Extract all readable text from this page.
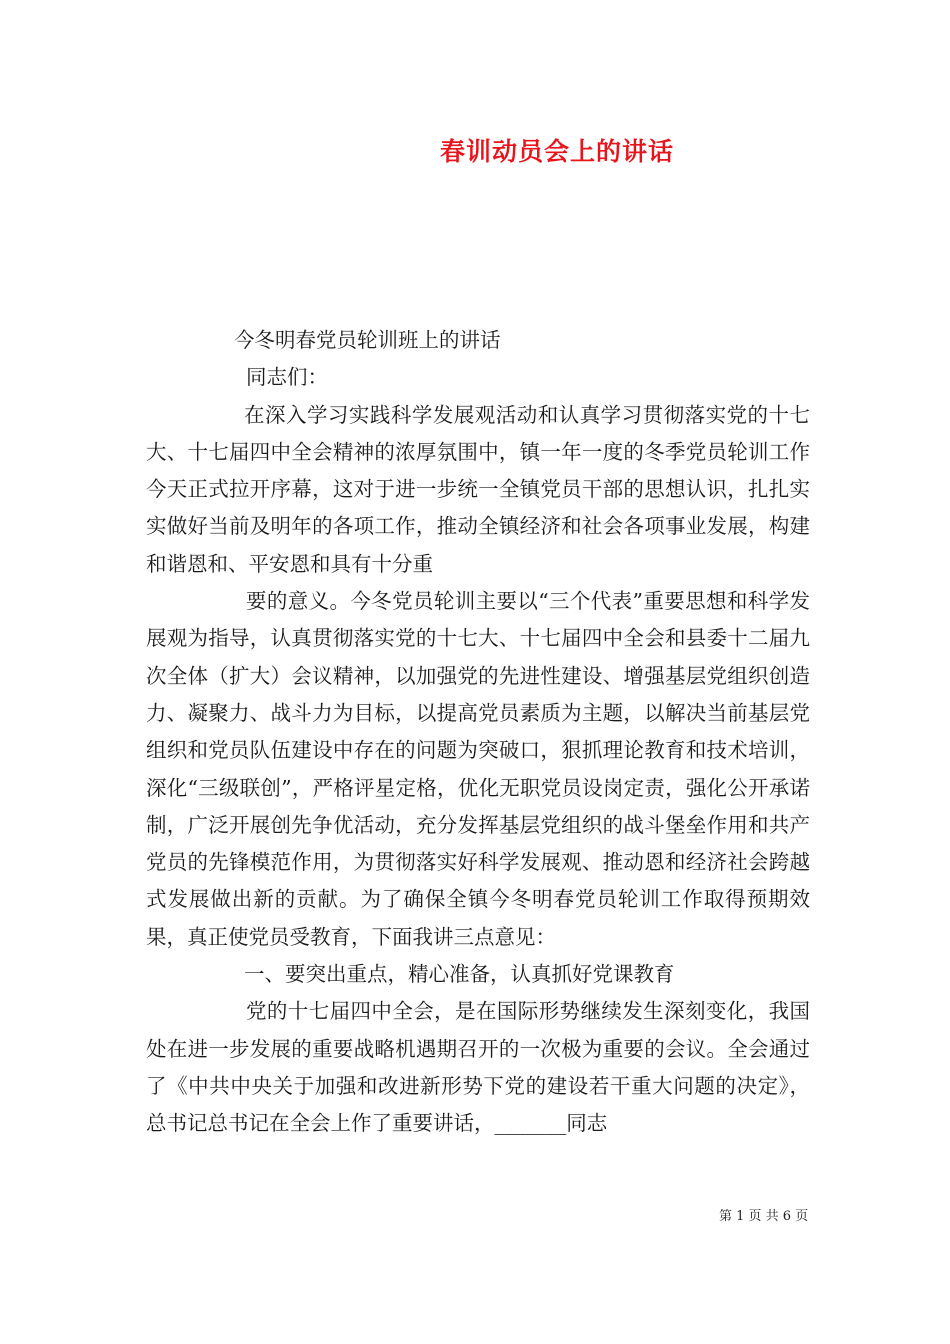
春训动员会上的讲话

今冬明春党员轮训班上的讲话

同志们：

在深入学习实践科学发展观活动和认真学习贯彻落实党的十七大、十七届四中全会精神的浓厚氛围中，镇一年一度的冬季党员轮训工作今天正式拉开序幕，这对于进一步统一全镇党员干部的思想认识，扎扎实实做好当前及明年的各项工作，推动全镇经济和社会各项事业发展，构建和谐恩和、平安恩和具有十分重

要的意义。今冬党员轮训主要以“三个代表”重要思想和科学发展观为指导，认真贯彻落实党的十七大、十七届四中全会和县委十二届九次全体（扩大）会议精神，以加强党的先进性建设、增强基层党组织创造力、凝聚力、战斗力为目标，以提高党员素质为主题，以解决当前基层党组织和党员队伍建设中存在的问题为突破口，狠抓理论教育和技术培训，深化“三级联创”，严格评星定格，优化无职党员设岗定责，强化公开承诺制，广泛开展创先争优活动，充分发挥基层党组织的战斗堡垒作用和共产党员的先锋模范作用，为贯彻落实好科学发展观、推动恩和经济社会跨越式发展做出新的贡献。为了确保全镇今冬明春党员轮训工作取得预期效果，真正使党员受教育，下面我讲三点意见：

一、要突出重点，精心准备，认真抓好党课教育

党的十七届四中全会，是在国际形势继续发生深刻变化，我国处在进一步发展的重要战略机遇期召开的一次极为重要的会议。全会通过了《中共中央关于加强和改进新形势下党的建设若干重大问题的决定》，总书记总书记在全会上作了重要讲话，_______同志

第 1 页 共 6 页
